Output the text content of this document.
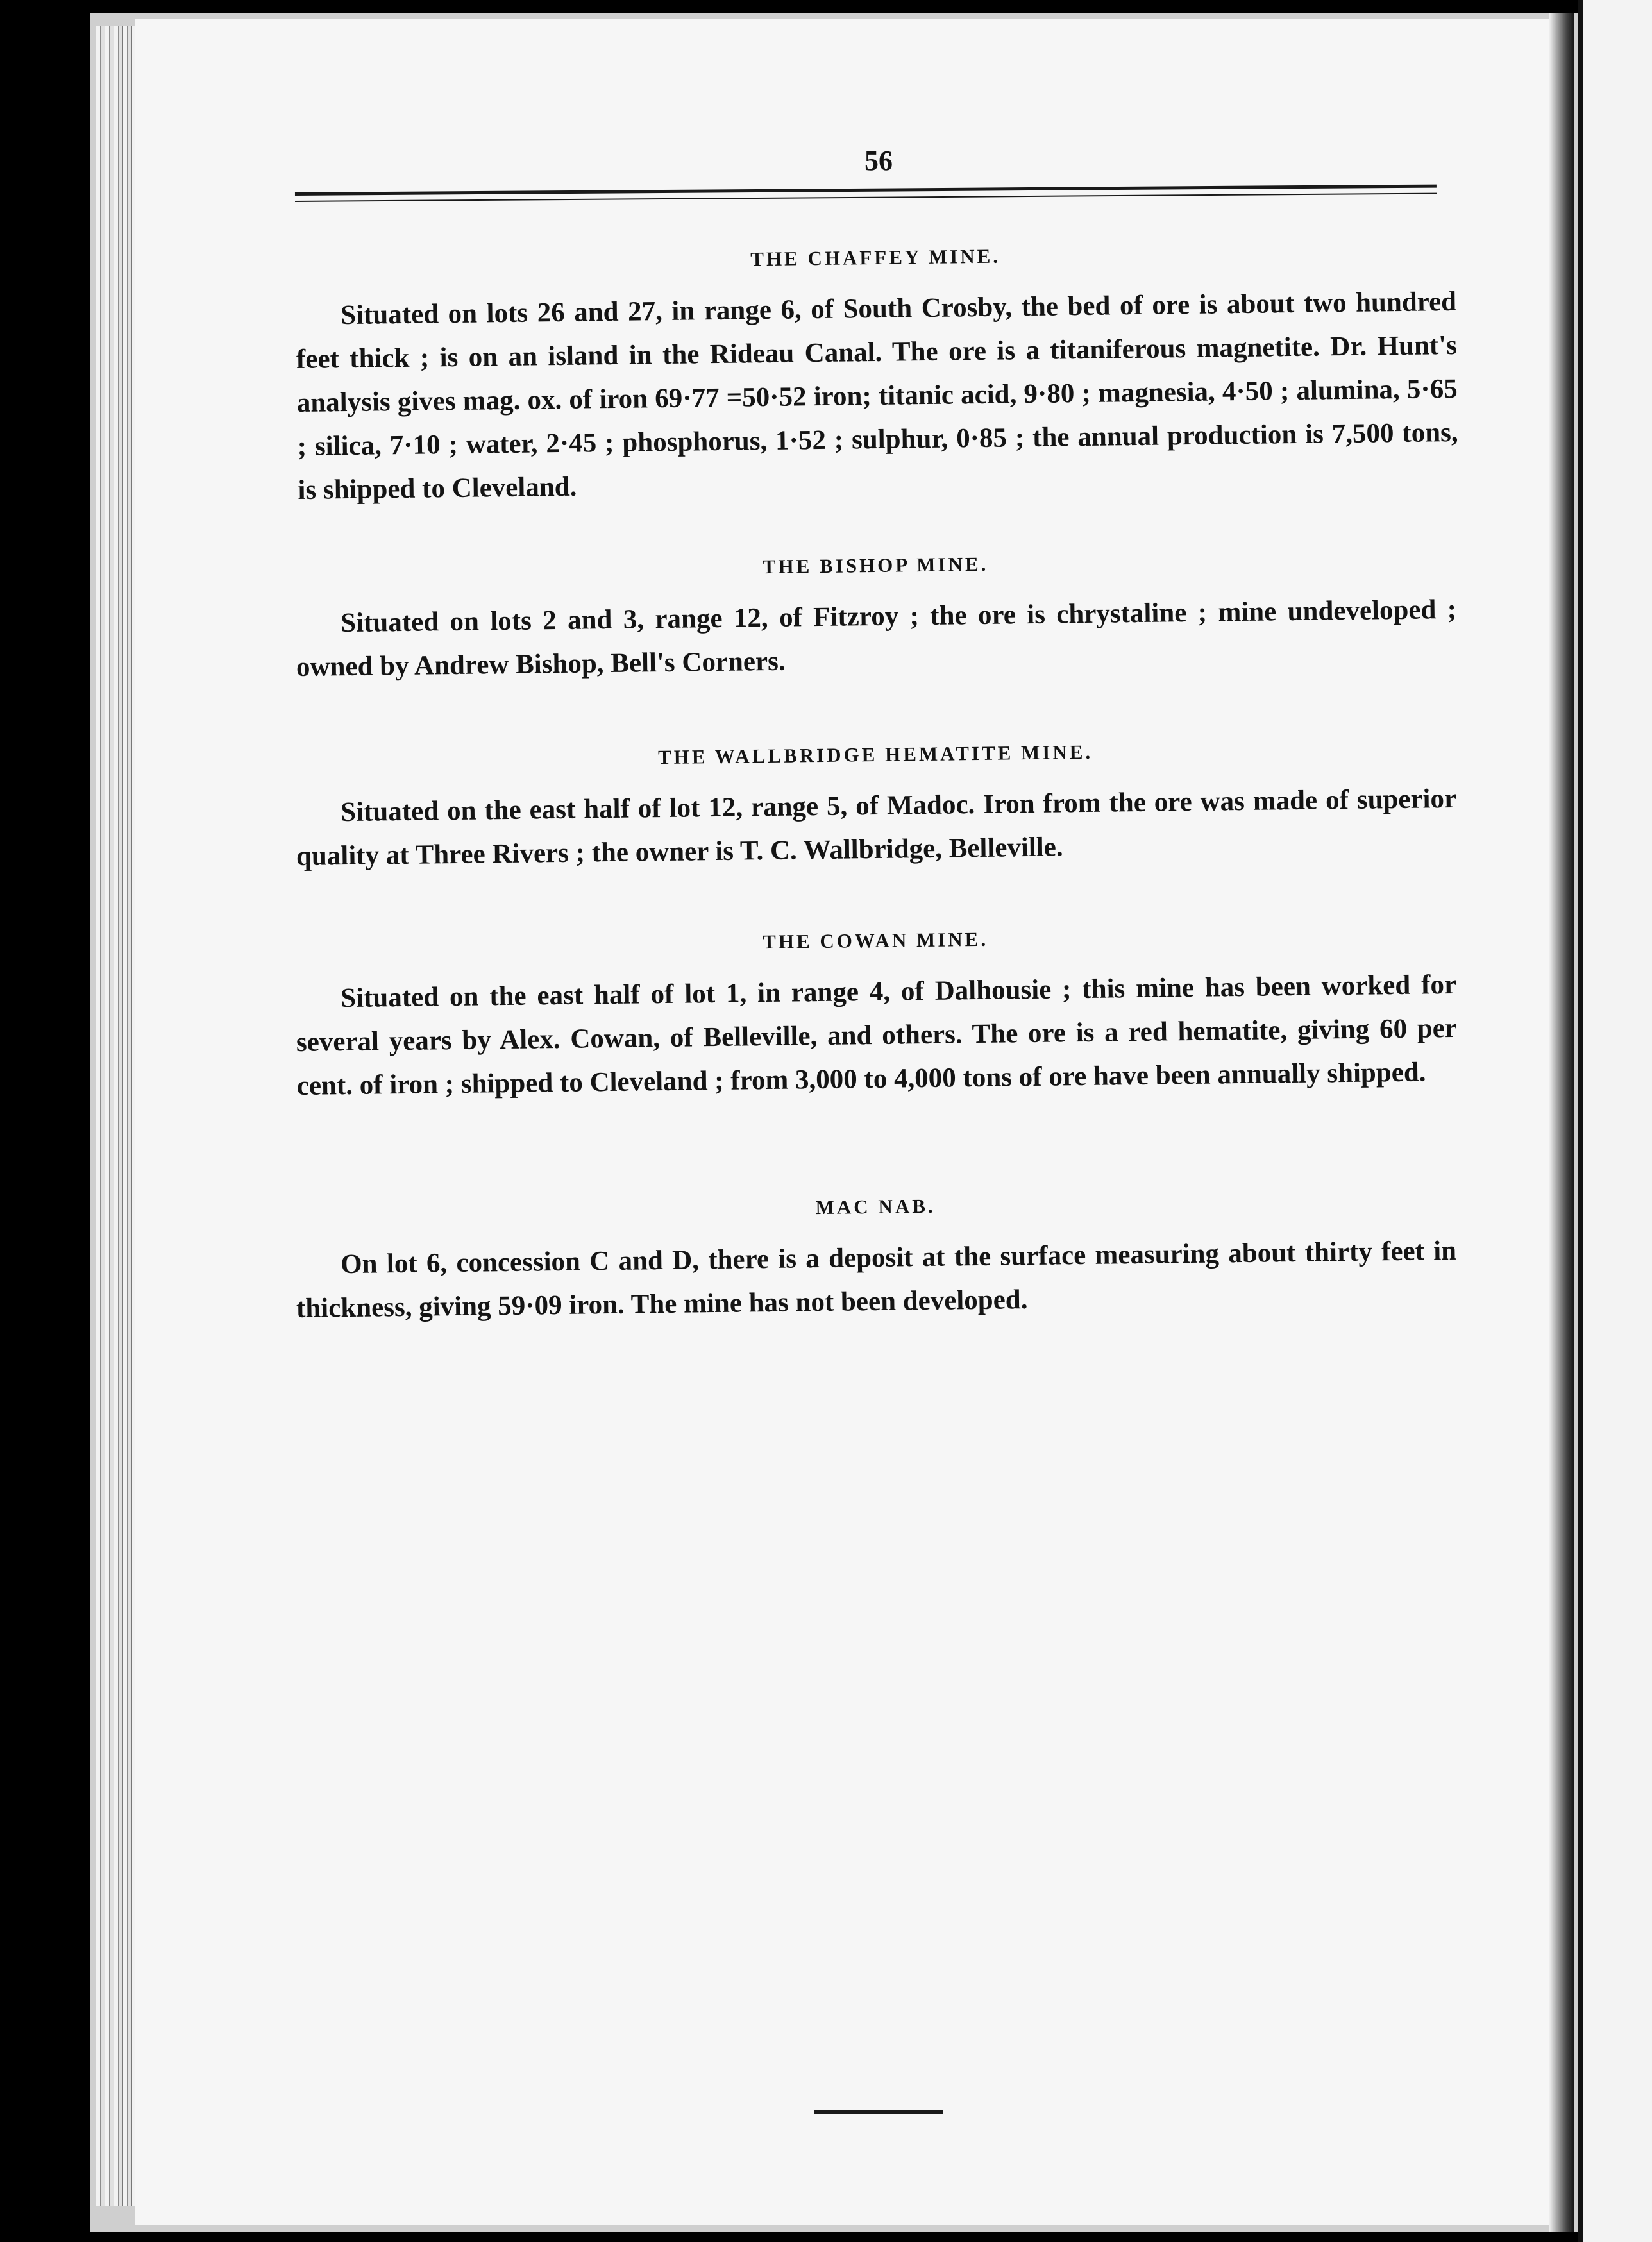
56

THE CHAFFEY MINE.

Situated on lots 26 and 27, in range 6, of South Crosby, the bed of ore is about two hundred feet thick ; is on an island in the Rideau Canal. The ore is a titaniferous magnetite. Dr. Hunt's analysis gives mag. ox. of iron 69·77 =50·52 iron; titanic acid, 9·80 ; magnesia, 4·50 ; alumina, 5·65 ; silica, 7·10 ; water, 2·45 ; phosphorus, 1·52 ; sulphur, 0·85 ; the annual production is 7,500 tons, is shipped to Cleveland.

THE BISHOP MINE.

Situated on lots 2 and 3, range 12, of Fitzroy ; the ore is chrystaline ; mine undeveloped ; owned by Andrew Bishop, Bell's Corners.

THE WALLBRIDGE HEMATITE MINE.

Situated on the east half of lot 12, range 5, of Madoc. Iron from the ore was made of superior quality at Three Rivers ; the owner is T. C. Wallbridge, Belleville.

THE COWAN MINE.

Situated on the east half of lot 1, in range 4, of Dalhousie ; this mine has been worked for several years by Alex. Cowan, of Belleville, and others. The ore is a red hematite, giving 60 per cent. of iron ; shipped to Cleveland ; from 3,000 to 4,000 tons of ore have been annually shipped.

MAC NAB.

On lot 6, concession C and D, there is a deposit at the surface measuring about thirty feet in thickness, giving 59·09 iron. The mine has not been developed.
